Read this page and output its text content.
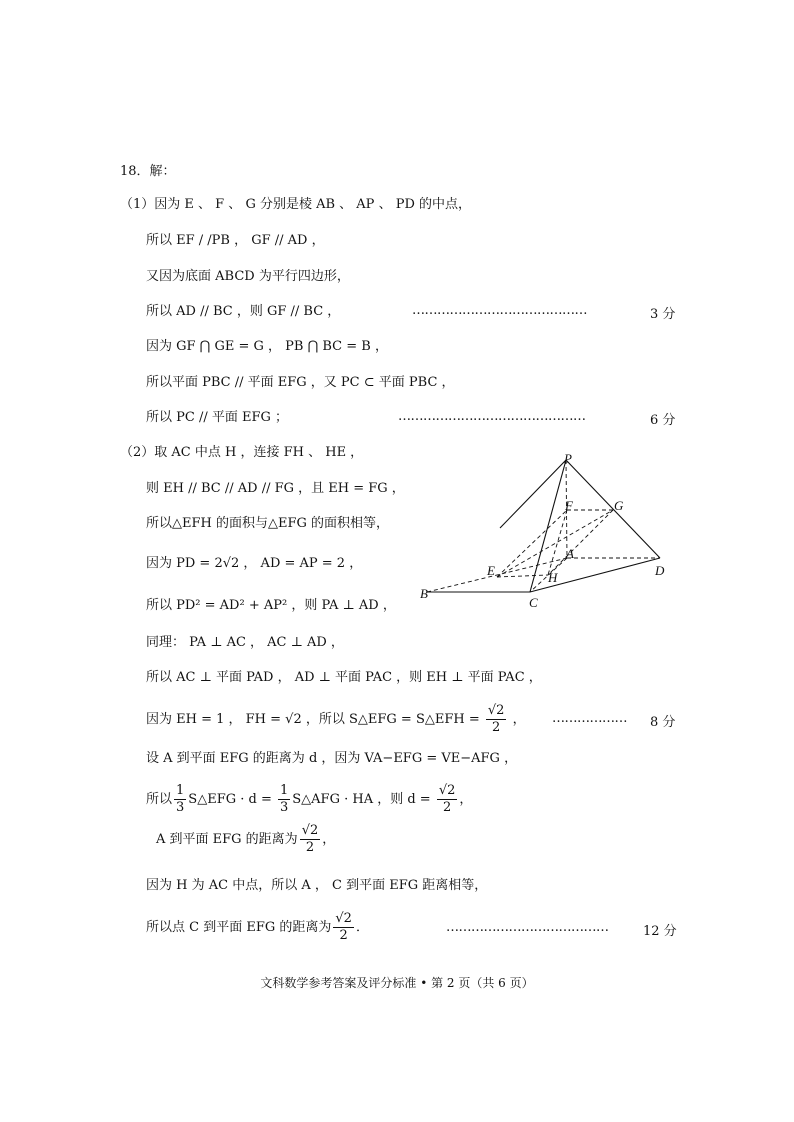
18．解：
（1）因为 E 、 F 、 G 分别是棱 AB 、 AP 、 PD 的中点，
所以 EF / /PB ， GF // AD ，
又因为底面 ABCD 为平行四边形，
所以 AD // BC ，则 GF // BC ，	……………………………………	3 分
因为 GF ⋂ GE = G ， PB ⋂ BC = B ，
所以平面 PBC // 平面 EFG ，又 PC ⊂ 平面 PBC ，
所以 PC // 平面 EFG ；	………………………………………	6 分
（2）取 AC 中点 H ，连接 FH 、 HE ，
则 EH // BC // AD // FG ，且 EH = FG ，
所以△EFH 的面积与△EFG 的面积相等，
因为 PD = 2√2 ， AD = AP = 2 ，
所以 PD² = AD² + AP² ，则 PA ⊥ AD ，
同理： PA ⊥ AC ， AC ⊥ AD ，
所以 AC ⊥ 平面 PAD ， AD ⊥ 平面 PAC ，则 EH ⊥ 平面 PAC ，
因为 EH = 1 ， FH = √2 ，所以 S△EFG = S△EFH = $\frac{√2}{2}$ ， ……………… 8 分
设 A 到平面 EFG 的距离为 d ，因为 VA−EFG = VE−AFG ，
所以 $\frac{1}{3}$ S△EFG · $d = \frac{1}{3}$ S△AFG · HA ，则 $d = \frac{√2}{2}$ ，
A 到平面 EFG 的距离为 $\frac{√2}{2}$ ，
因为 H 为 AC 中点，所以 A ， C 到平面 EFG 距离相等，
所以点 C 到平面 EFG 的距离为 $\frac{√2}{2}$ ．	…………………………………	12 分
P
F	G
A
E	H	D
B
C
文科数学参考答案及评分标准 • 第 2 页（共 6 页）
